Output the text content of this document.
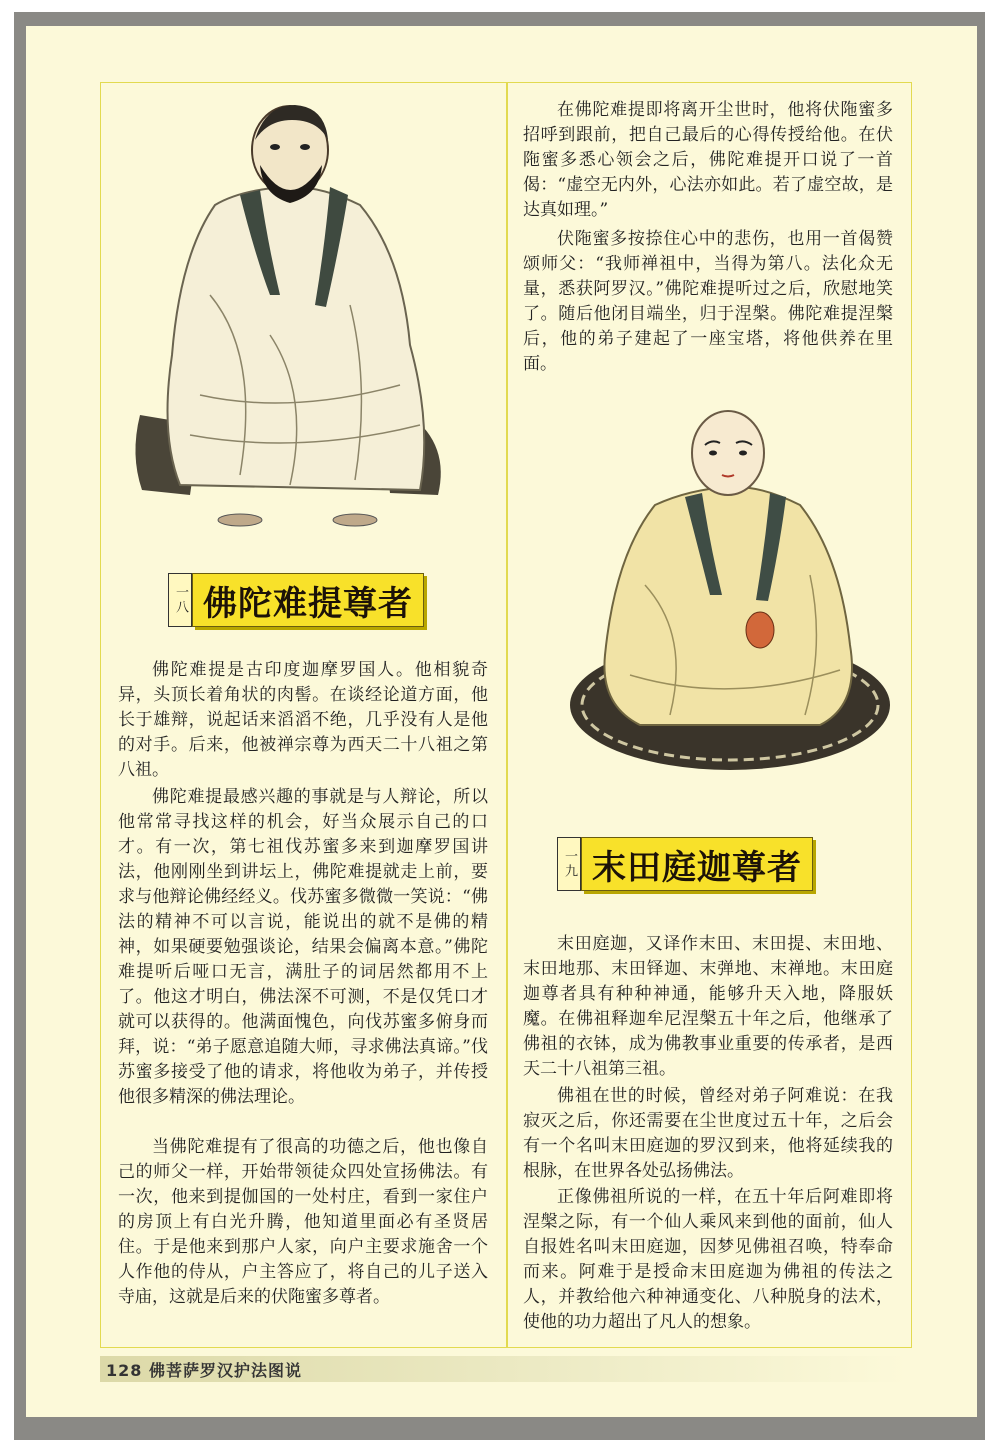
一八 佛陀难提尊者

佛陀难提是古印度迦摩罗国人。他相貌奇异，头顶长着角状的肉髻。在谈经论道方面，他长于雄辩，说起话来滔滔不绝，几乎没有人是他的对手。后来，他被禅宗尊为西天二十八祖之第八祖。

佛陀难提最感兴趣的事就是与人辩论，所以他常常寻找这样的机会，好当众展示自己的口才。有一次，第七祖伐苏蜜多来到迦摩罗国讲法，他刚刚坐到讲坛上，佛陀难提就走上前，要求与他辩论佛经经义。伐苏蜜多微微一笑说：“佛法的精神不可以言说，能说出的就不是佛的精神，如果硬要勉强谈论，结果会偏离本意。”佛陀难提听后哑口无言，满肚子的词居然都用不上了。他这才明白，佛法深不可测，不是仅凭口才就可以获得的。他满面愧色，向伐苏蜜多俯身而拜，说：“弟子愿意追随大师，寻求佛法真谛。”伐苏蜜多接受了他的请求，将他收为弟子，并传授他很多精深的佛法理论。

当佛陀难提有了很高的功德之后，他也像自己的师父一样，开始带领徒众四处宣扬佛法。有一次，他来到提伽国的一处村庄，看到一家住户的房顶上有白光升腾，他知道里面必有圣贤居住。于是他来到那户人家，向户主要求施舍一个人作他的侍从，户主答应了，将自己的儿子送入寺庙，这就是后来的伏陁蜜多尊者。

在佛陀难提即将离开尘世时，他将伏陁蜜多招呼到跟前，把自己最后的心得传授给他。在伏陁蜜多悉心领会之后，佛陀难提开口说了一首偈：“虚空无内外，心法亦如此。若了虚空故，是达真如理。”

伏陁蜜多按捺住心中的悲伤，也用一首偈赞颂师父：“我师禅祖中，当得为第八。法化众无量，悉获阿罗汉。”佛陀难提听过之后，欣慰地笑了。随后他闭目端坐，归于涅槃。佛陀难提涅槃后，他的弟子建起了一座宝塔，将他供养在里面。

一九 末田庭迦尊者

末田庭迦，又译作末田、末田提、末田地、末田地那、末田铎迦、末弹地、末禅地。末田庭迦尊者具有种种神通，能够升天入地，降服妖魔。在佛祖释迦牟尼涅槃五十年之后，他继承了佛祖的衣钵，成为佛教事业重要的传承者，是西天二十八祖第三祖。

佛祖在世的时候，曾经对弟子阿难说：在我寂灭之后，你还需要在尘世度过五十年，之后会有一个名叫末田庭迦的罗汉到来，他将延续我的根脉，在世界各处弘扬佛法。

正像佛祖所说的一样，在五十年后阿难即将涅槃之际，有一个仙人乘风来到他的面前，仙人自报姓名叫末田庭迦，因梦见佛祖召唤，特奉命而来。阿难于是授命末田庭迦为佛祖的传法之人，并教给他六种神通变化、八种脱身的法术，使他的功力超出了凡人的想象。

128 佛菩萨罗汉护法图说
